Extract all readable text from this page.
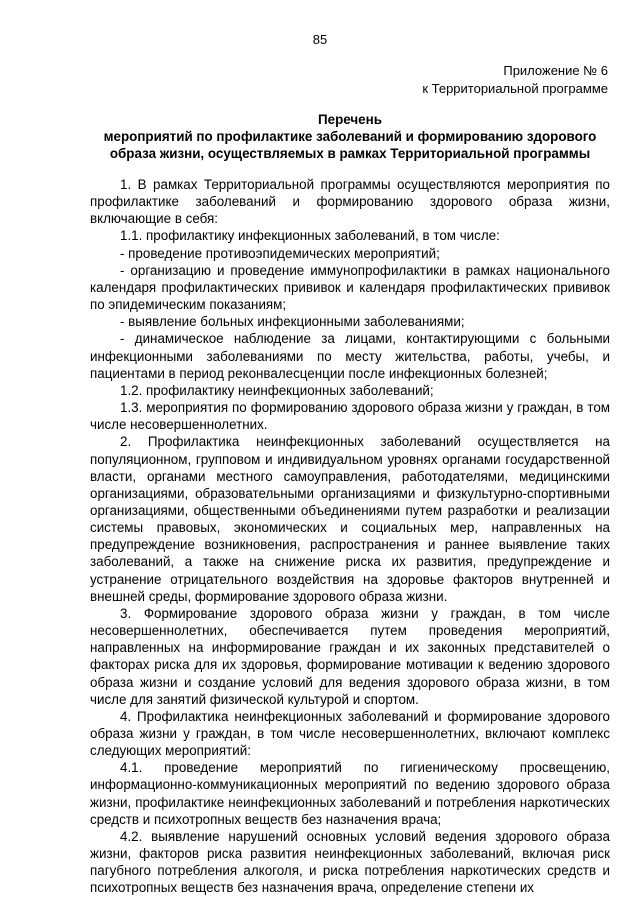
85
Приложение № 6
к Территориальной программе
Перечень
мероприятий по профилактике заболеваний и формированию здорового
образа жизни, осуществляемых в рамках Территориальной программы

1. В рамках Территориальной программы осуществляются мероприятия по профилактике заболеваний и формированию здорового образа жизни, включающие в себя:

1.1. профилактику инфекционных заболеваний, в том числе:

- проведение противоэпидемических мероприятий;

- организацию и проведение иммунопрофилактики в рамках национального календаря профилактических прививок и календаря профилактических прививок по эпидемическим показаниям;

- выявление больных инфекционными заболеваниями;

- динамическое наблюдение за лицами, контактирующими с больными инфекционными заболеваниями по месту жительства, работы, учебы, и пациентами в период реконвалесценции после инфекционных болезней;

1.2. профилактику неинфекционных заболеваний;

1.3. мероприятия по формированию здорового образа жизни у граждан, в том числе несовершеннолетних.

2. Профилактика неинфекционных заболеваний осуществляется на популяционном, групповом и индивидуальном уровнях органами государственной власти, органами местного самоуправления, работодателями, медицинскими организациями, образовательными организациями и физкультурно-спортивными организациями, общественными объединениями путем разработки и реализации системы правовых, экономических и социальных мер, направленных на предупреждение возникновения, распространения и раннее выявление таких заболеваний, а также на снижение риска их развития, предупреждение и устранение отрицательного воздействия на здоровье факторов внутренней и внешней среды, формирование здорового образа жизни.

3. Формирование здорового образа жизни у граждан, в том числе несовершеннолетних, обеспечивается путем проведения мероприятий, направленных на информирование граждан и их законных представителей о факторах риска для их здоровья, формирование мотивации к ведению здорового образа жизни и создание условий для ведения здорового образа жизни, в том числе для занятий физической культурой и спортом.

4. Профилактика неинфекционных заболеваний и формирование здорового образа жизни у граждан, в том числе несовершеннолетних, включают комплекс следующих мероприятий:

4.1. проведение мероприятий по гигиеническому просвещению, информационно-коммуникационных мероприятий по ведению здорового образа жизни, профилактике неинфекционных заболеваний и потребления наркотических средств и психотропных веществ без назначения врача;

4.2. выявление нарушений основных условий ведения здорового образа жизни, факторов риска развития неинфекционных заболеваний, включая риск пагубного потребления алкоголя, и риска потребления наркотических средств и психотропных веществ без назначения врача, определение степени их
